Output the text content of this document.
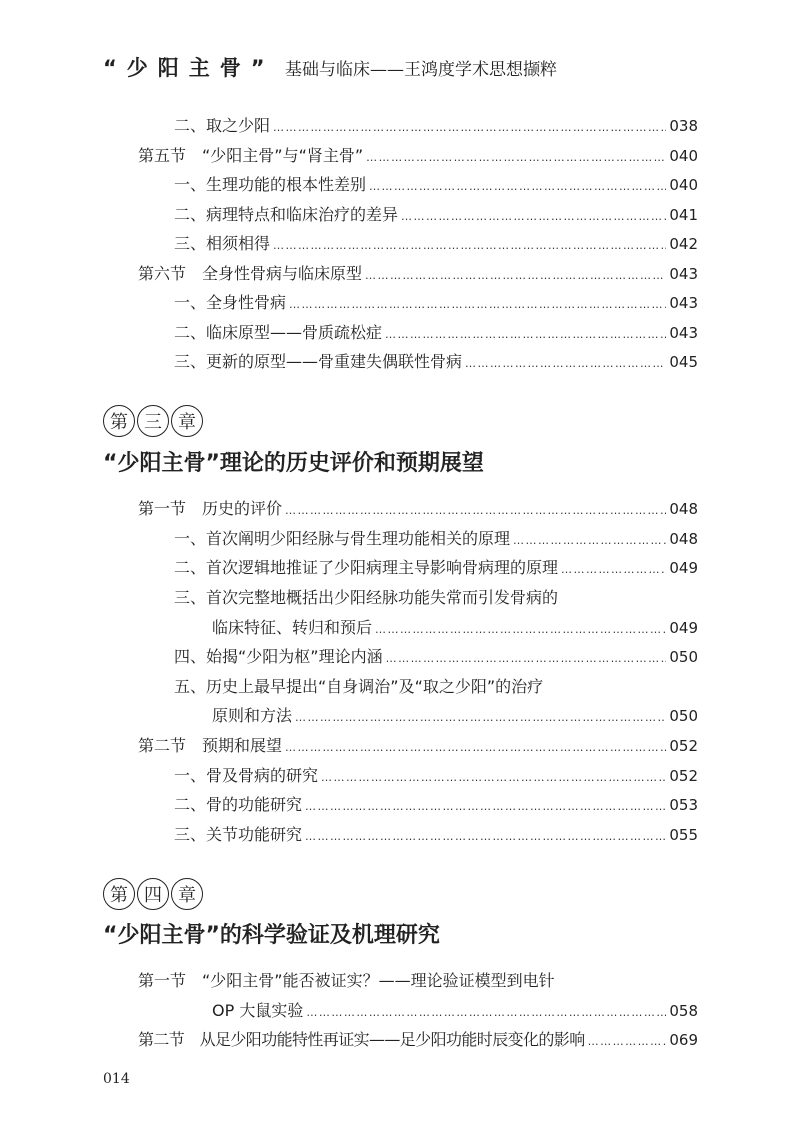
“少阳主骨” 基础与临床——王鸿度学术思想撷粹
二、取之少阳 ……………………………………………………………………………………………………………………………………………………………………………………………………………………	038
第五节　“少阳主骨”与“肾主骨” ……………………………………………………………………………………………………………………………………………………………………………………………………………………	040
一、生理功能的根本性差别 ……………………………………………………………………………………………………………………………………………………………………………………………………………………	040
二、病理特点和临床治疗的差异 ……………………………………………………………………………………………………………………………………………………………………………………………………………………	041
三、相须相得 ……………………………………………………………………………………………………………………………………………………………………………………………………………………	042
第六节　全身性骨病与临床原型 ……………………………………………………………………………………………………………………………………………………………………………………………………………………	043
一、全身性骨病 ……………………………………………………………………………………………………………………………………………………………………………………………………………………	043
二、临床原型——骨质疏松症 ……………………………………………………………………………………………………………………………………………………………………………………………………………………	043
三、更新的原型——骨重建失偶联性骨病 ……………………………………………………………………………………………………………………………………………………………………………………………………………………	045
第 三 章
“少阳主骨”理论的历史评价和预期展望
第一节　历史的评价 ……………………………………………………………………………………………………………………………………………………………………………………………………………………	048
一、首次阐明少阳经脉与骨生理功能相关的原理 ……………………………………………………………………………………………………………………………………………………………………………………………………………………	048
二、首次逻辑地推证了少阳病理主导影响骨病理的原理 ……………………………………………………………………………………………………………………………………………………………………………………………………………………	049
三、首次完整地概括出少阳经脉功能失常而引发骨病的
临床特征、转归和预后 ……………………………………………………………………………………………………………………………………………………………………………………………………………………	049
四、始揭“少阳为枢”理论内涵 ……………………………………………………………………………………………………………………………………………………………………………………………………………………	050
五、历史上最早提出“自身调治”及“取之少阳”的治疗
原则和方法 ……………………………………………………………………………………………………………………………………………………………………………………………………………………	050
第二节　预期和展望 ……………………………………………………………………………………………………………………………………………………………………………………………………………………	052
一、骨及骨病的研究 ……………………………………………………………………………………………………………………………………………………………………………………………………………………	052
二、骨的功能研究 ……………………………………………………………………………………………………………………………………………………………………………………………………………………	053
三、关节功能研究 ……………………………………………………………………………………………………………………………………………………………………………………………………………………	055
第 四 章
“少阳主骨”的科学验证及机理研究
第一节　“少阳主骨”能否被证实？——理论验证模型到电针
OP 大鼠实验 ……………………………………………………………………………………………………………………………………………………………………………………………………………………	058
第二节　从足少阳功能特性再证实——足少阳功能时辰变化的影响 ……………………………………………………………………………………………………………………………………………………………………………………………………………………	069
014
